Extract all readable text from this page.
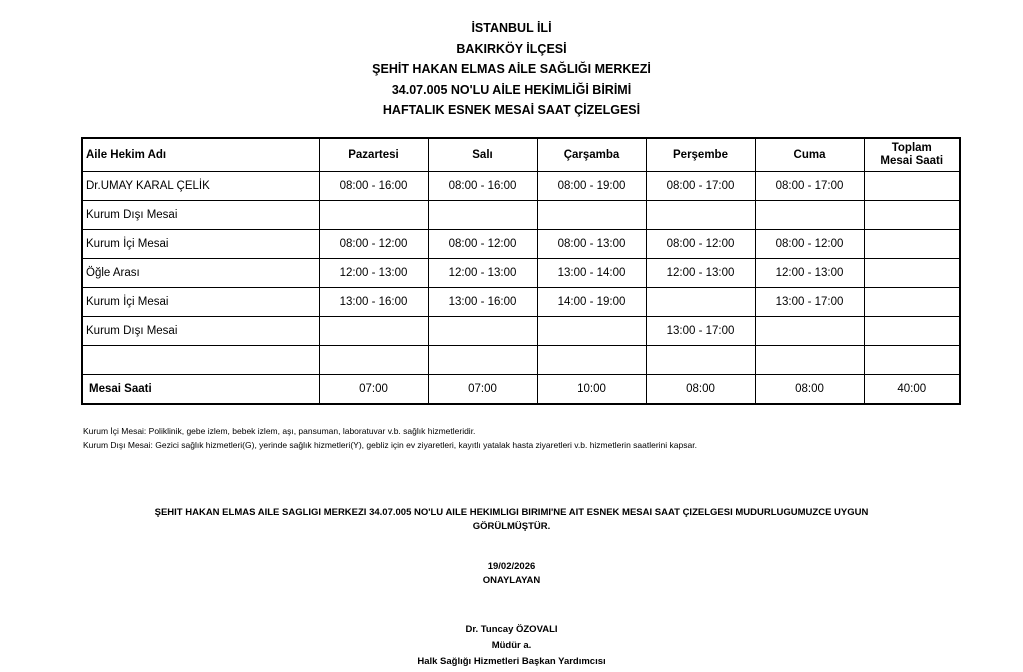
İSTANBUL İLİ
BAKIRKÖY İLÇESİ
ŞEHİT HAKAN ELMAS AİLE SAĞLIĞI MERKEZİ
34.07.005 NO'LU AİLE HEKİMLİĞİ BİRİMİ
HAFTALIK ESNEK MESAİ SAAT ÇİZELGESİ
Aile Hekim Adı	Pazartesi	Salı	Çarşamba	Perşembe	Cuma	Toplam
Mesai Saati
Dr.UMAY KARAL ÇELİK	08:00 - 16:00	08:00 - 16:00	08:00 - 19:00	08:00 - 17:00	08:00 - 17:00	
Kurum Dışı Mesai						
Kurum İçi Mesai	08:00 - 12:00	08:00 - 12:00	08:00 - 13:00	08:00 - 12:00	08:00 - 12:00	
Öğle Arası	12:00 - 13:00	12:00 - 13:00	13:00 - 14:00	12:00 - 13:00	12:00 - 13:00	
Kurum İçi Mesai	13:00 - 16:00	13:00 - 16:00	14:00 - 19:00		13:00 - 17:00	
Kurum Dışı Mesai				13:00 - 17:00		

Mesai Saati	07:00	07:00	10:00	08:00	08:00	40:00
Kurum İçi Mesai: Poliklinik, gebe izlem, bebek izlem, aşı, pansuman, laboratuvar v.b. sağlık hizmetleridir.
Kurum Dışı Mesai: Gezici sağlık hizmetleri(G), yerinde sağlık hizmetleri(Y), gebliz için ev ziyaretleri, kayıtlı yatalak hasta ziyaretleri v.b. hizmetlerin saatlerini kapsar.
ŞEHIT HAKAN ELMAS AILE SAGLIGI MERKEZI 34.07.005 NO'LU AILE HEKIMLIGI BIRIMI'NE AIT ESNEK MESAI SAAT ÇIZELGESI MUDURLUGUMUZCE UYGUN
GÖRÜLMÜŞTÜR.
19/02/2026
ONAYLAYAN
Dr. Tuncay ÖZOVALI
Müdür a.
Halk Sağlığı Hizmetleri Başkan Yardımcısı
